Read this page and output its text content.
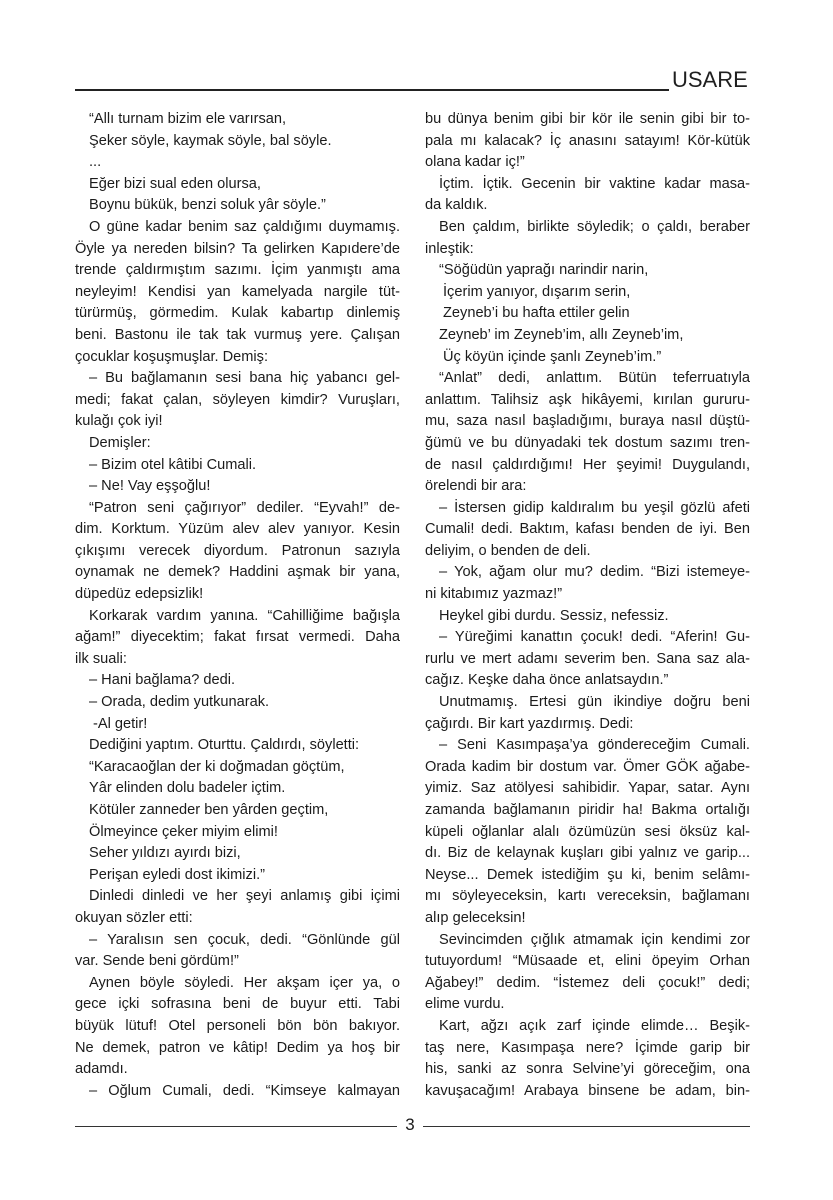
USARE
“Allı turnam bizim ele varırsan,
Şeker söyle, kaymak söyle, bal söyle.
...
Eğer bizi sual eden olursa,
Boynu bükük, benzi soluk yâr söyle.”
O güne kadar benim saz çaldığımı duymamış.
Öyle ya nereden bilsin? Ta gelirken Kapıdere’de
trende çaldırmıştım sazımı. İçim yanmıştı ama
neyleyim! Kendisi yan kamelyada nargile tüt-
türürmüş, görmedim. Kulak kabartıp dinlemiş
beni. Bastonu ile tak tak vurmuş yere. Çalışan
çocuklar koşuşmuşlar. Demiş:
– Bu bağlamanın sesi bana hiç yabancı gel-
medi; fakat çalan, söyleyen kimdir? Vuruşları,
kulağı çok iyi!
Demişler:
– Bizim otel kâtibi Cumali.
– Ne! Vay eşşoğlu!
“Patron seni çağırıyor” dediler. “Eyvah!” de-
dim. Korktum. Yüzüm alev alev yanıyor. Kesin
çıkışımı verecek diyordum. Patronun sazıyla
oynamak ne demek? Haddini aşmak bir yana,
düpedüz edepsizlik!
Korkarak vardım yanına. “Cahilliğime bağışla
ağam!” diyecektim; fakat fırsat vermedi. Daha
ilk suali:
– Hani bağlama? dedi.
– Orada, dedim yutkunarak.
-Al getir!
Dediğini yaptım. Oturttu. Çaldırdı, söyletti:
“Karacaoğlan der ki doğmadan göçtüm,
Yâr elinden dolu badeler içtim.
Kötüler zanneder ben yârden geçtim,
Ölmeyince çeker miyim elimi!
Seher yıldızı ayırdı bizi,
Perişan eyledi dost ikimizi.”
Dinledi dinledi ve her şeyi anlamış gibi içimi
okuyan sözler etti:
– Yaralısın sen çocuk, dedi. “Gönlünde gül
var. Sende beni gördüm!”
Aynen böyle söyledi. Her akşam içer ya, o
gece içki sofrasına beni de buyur etti. Tabi
büyük lütuf! Otel personeli bön bön bakıyor.
Ne demek, patron ve kâtip! Dedim ya hoş bir
adamdı.
– Oğlum Cumali, dedi. “Kimseye kalmayan
bu dünya benim gibi bir kör ile senin gibi bir to-
pala mı kalacak? İç anasını satayım! Kör-kütük
olana kadar iç!”
İçtim. İçtik. Gecenin bir vaktine kadar masa-
da kaldık.
Ben çaldım, birlikte söyledik; o çaldı, beraber
inleştik:
“Söğüdün yaprağı narindir narin,
İçerim yanıyor, dışarım serin,
Zeyneb’i bu hafta ettiler gelin
Zeyneb’ im Zeyneb’im, allı Zeyneb’im,
Üç köyün içinde şanlı Zeyneb’im.”
“Anlat” dedi, anlattım. Bütün teferruatıyla
anlattım. Talihsiz aşk hikâyemi, kırılan gururu-
mu, saza nasıl başladığımı, buraya nasıl düştü-
ğümü ve bu dünyadaki tek dostum sazımı tren-
de nasıl çaldırdığımı! Her şeyimi! Duygulandı,
örelendi bir ara:
– İstersen gidip kaldıralım bu yeşil gözlü afeti
Cumali! dedi. Baktım, kafası benden de iyi. Ben
deliyim, o benden de deli.
– Yok, ağam olur mu? dedim. “Bizi istemeye-
ni kitabımız yazmaz!”
Heykel gibi durdu. Sessiz, nefessiz.
– Yüreğimi kanattın çocuk! dedi. “Aferin! Gu-
rurlu ve mert adamı severim ben. Sana saz ala-
cağız. Keşke daha önce anlatsaydın.”
Unutmamış. Ertesi gün ikindiye doğru beni
çağırdı. Bir kart yazdırmış. Dedi:
– Seni Kasımpaşa’ya göndereceğim Cumali.
Orada kadim bir dostum var. Ömer GÖK ağabe-
yimiz. Saz atölyesi sahibidir. Yapar, satar. Aynı
zamanda bağlamanın piridir ha! Bakma ortalığı
küpeli oğlanlar alalı özümüzün sesi öksüz kal-
dı. Biz de kelaynak kuşları gibi yalnız ve garip...
Neyse... Demek istediğim şu ki, benim selâmı-
mı söyleyeceksin, kartı vereceksin, bağlamanı
alıp geleceksin!
Sevincimden çığlık atmamak için kendimi zor
tutuyordum! “Müsaade et, elini öpeyim Orhan
Ağabey!” dedim. “İstemez deli çocuk!” dedi;
elime vurdu.
Kart, ağzı açık zarf içinde elimde… Beşik-
taş nere, Kasımpaşa nere? İçimde garip bir
his, sanki az sonra Selvine’yi göreceğim, ona
kavuşacağım! Arabaya binsene be adam, bin-
3
